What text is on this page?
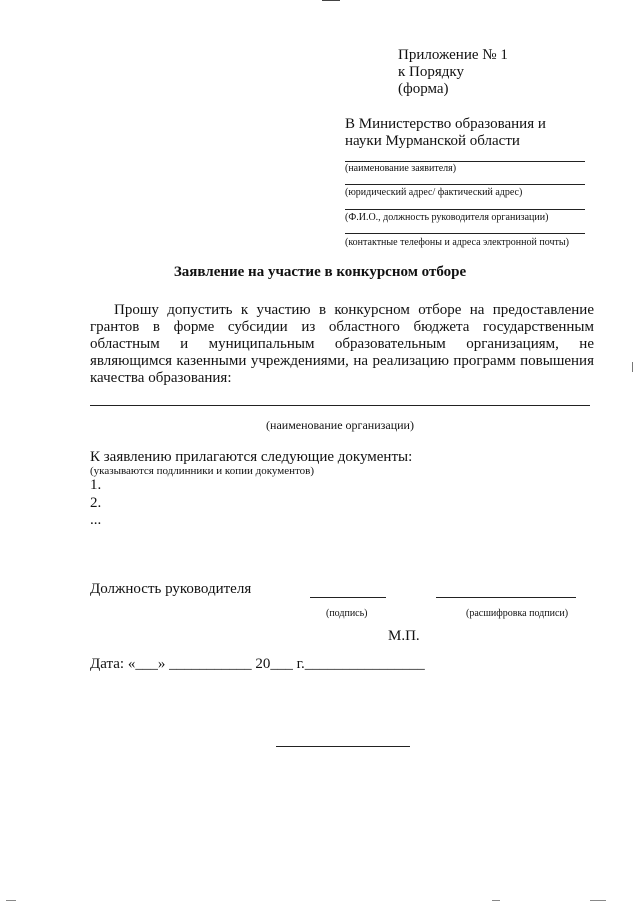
Приложение № 1
к Порядку
(форма)
В Министерство образования и
науки Мурманской области
(наименование заявителя)
(юридический адрес/ фактический адрес)
(Ф.И.О., должность руководителя организации)
(контактные телефоны и адреса электронной почты)
Заявление на участие в конкурсном отборе
Прошу допустить к участию в конкурсном отборе на предоставление грантов в форме субсидии из областного бюджета государственным областным и муниципальным образовательным организациям, не являющимся казенными учреждениями, на реализацию программ повышения качества образования:
(наименование организации)
К заявлению прилагаются следующие документы:
(указываются подлинники и копии документов)
1.
2.
...
Должность руководителя
(подпись)	(расшифровка подписи)
М.П.
Дата: «___» ___________ 20___ г.________________
